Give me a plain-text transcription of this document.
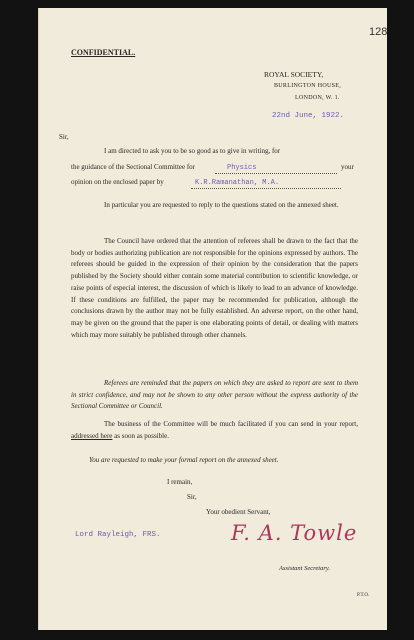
128
CONFIDENTIAL.
ROYAL SOCIETY,
BURLINGTON HOUSE,
LONDON, W. 1.
22nd June, 1922.
Sir,
I am directed to ask you to be so good as to give in writing, for
the guidance of the Sectional Committee for	Physics	your
opinion on the enclosed paper by	K.R.Ramanathan, M.A.
In particular you are requested to reply to the questions stated on the annexed sheet.
The Council have ordered that the attention of referees shall be drawn to the fact that the body or bodies authorizing publication are not responsible for the opinions expressed by authors. The referees should be guided in the expression of their opinion by the consideration that the papers published by the Society should either contain some material contribution to scientific knowledge, or raise points of especial interest, the discussion of which is likely to lead to an advance of knowledge. If these conditions are fulfilled, the paper may be recommended for publication, although the conclusions drawn by the author may not be fully established. An adverse report, on the other hand, may be given on the ground that the paper is one elaborating points of detail, or dealing with matters which may more suitably be published through other channels.
Referees are reminded that the papers on which they are asked to report are sent to them in strict confidence, and may not be shown to any other person without the express authority of the Sectional Committee or Council.
The business of the Committee will be much facilitated if you can send in your report, addressed here as soon as possible.
You are requested to make your formal report on the annexed sheet.
I remain,
Sir,
Your obedient Servant,
Lord Rayleigh, FRS.	F. A. Towle
Assistant Secretary.
P.T.O.
